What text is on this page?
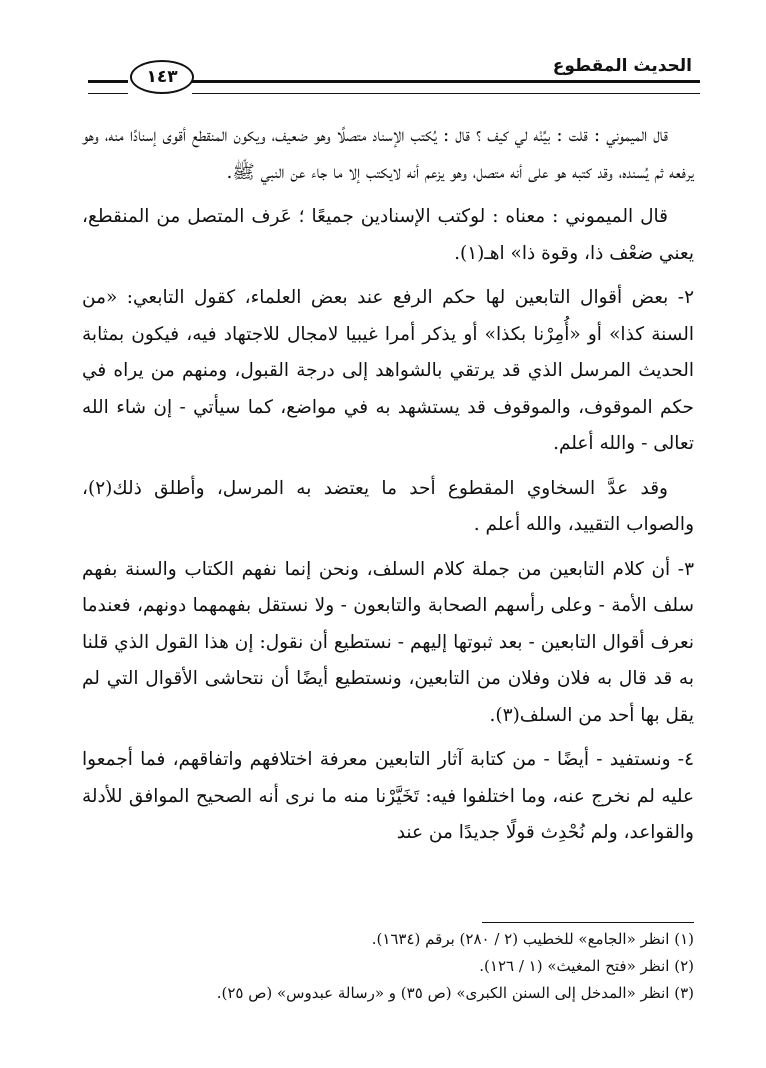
الحديث المقطوع
١٤٣

قال الميموني : قلت : بيِّنْه لي كيف ؟ قال : يُكتب الإسناد متصلًا وهو ضعيف، ويكون المنقطع أقوى إسنادًا منه، وهو يرفعه ثم يُسنده، وقد كتبه هو على أنه متصل، وهو يزعم أنه لايكتب إلا ما جاء عن النبي ﷺ.

قال الميموني : معناه : لوكتب الإسنادين جميعًا ؛ عَرف المتصل من المنقطع، يعني ضعْف ذا، وقوة ذا» اهـ(١).

٢- بعض أقوال التابعين لها حكم الرفع عند بعض العلماء، كقول التابعي: «من السنة كذا» أو «أُمِرْنا بكذا» أو يذكر أمرا غيبيا لامجال للاجتهاد فيه، فيكون بمثابة الحديث المرسل الذي قد يرتقي بالشواهد إلى درجة القبول، ومنهم من يراه في حكم الموقوف، والموقوف قد يستشهد به في مواضع، كما سيأتي - إن شاء الله تعالى - والله أعلم.

وقد عدَّ السخاوي المقطوع أحد ما يعتضد به المرسل، وأطلق ذلك(٢)، والصواب التقييد، والله أعلم .

٣- أن كلام التابعين من جملة كلام السلف، ونحن إنما نفهم الكتاب والسنة بفهم سلف الأمة - وعلى رأسهم الصحابة والتابعون - ولا نستقل بفهمهما دونهم، فعندما نعرف أقوال التابعين - بعد ثبوتها إليهم - نستطيع أن نقول: إن هذا القول الذي قلنا به قد قال به فلان وفلان من التابعين، ونستطيع أيضًا أن نتحاشى الأقوال التي لم يقل بها أحد من السلف(٣).

٤- ونستفيد - أيضًا - من كتابة آثار التابعين معرفة اختلافهم واتفاقهم، فما أجمعوا عليه لم نخرج عنه، وما اختلفوا فيه: تَخَيَّرْنا منه ما نرى أنه الصحيح الموافق للأدلة والقواعد، ولم نُحْدِث قولًا جديدًا من عند

(١) انظر «الجامع» للخطيب (٢ / ٢٨٠) برقم (١٦٣٤).
(٢) انظر «فتح المغيث» (١ / ١٢٦).
(٣) انظر «المدخل إلى السنن الكبرى» (ص ٣٥) و «رسالة عبدوس» (ص ٢٥).
